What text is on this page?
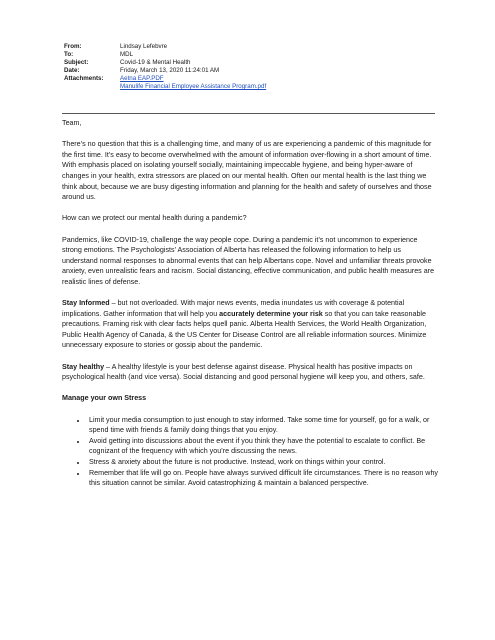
From:	Lindsay Lefebvre
To:	MDL
Subject:	Covid-19 & Mental Health
Date:	Friday, March 13, 2020 11:24:01 AM
Attachments:	Aetna EAP.PDF
Manulife Financial Employee Assistance Program.pdf

Team,

There’s no question that this is a challenging time, and many of us are experiencing a pandemic of this magnitude for the first time. It’s easy to become overwhelmed with the amount of information over-flowing in a short amount of time. With emphasis placed on isolating yourself socially, maintaining impeccable hygiene, and being hyper-aware of changes in your health, extra stressors are placed on our mental health. Often our mental health is the last thing we think about, because we are busy digesting information and planning for the health and safety of ourselves and those around us.

How can we protect our mental health during a pandemic?

Pandemics, like COVID-19, challenge the way people cope. During a pandemic it’s not uncommon to experience strong emotions. The Psychologists’ Association of Alberta has released the following information to help us understand normal responses to abnormal events that can help Albertans cope. Novel and unfamiliar threats provoke anxiety, even unrealistic fears and racism. Social distancing, effective communication, and public health measures are realistic lines of defense.

Stay Informed – but not overloaded. With major news events, media inundates us with coverage & potential implications. Gather information that will help you accurately determine your risk so that you can take reasonable precautions. Framing risk with clear facts helps quell panic. Alberta Health Services, the World Health Organization, Public Health Agency of Canada, & the US Center for Disease Control are all reliable information sources. Minimize unnecessary exposure to stories or gossip about the pandemic.

Stay healthy – A healthy lifestyle is your best defense against disease. Physical health has positive impacts on psychological health (and vice versa). Social distancing and good personal hygiene will keep you, and others, safe.

Manage your own Stress
• Limit your media consumption to just enough to stay informed. Take some time for yourself, go for a walk, or spend time with friends & family doing things that you enjoy.
• Avoid getting into discussions about the event if you think they have the potential to escalate to conflict. Be cognizant of the frequency with which you’re discussing the news.
• Stress & anxiety about the future is not productive. Instead, work on things within your control.
• Remember that life will go on. People have always survived difficult life circumstances. There is no reason why this situation cannot be similar. Avoid catastrophizing & maintain a balanced perspective.
